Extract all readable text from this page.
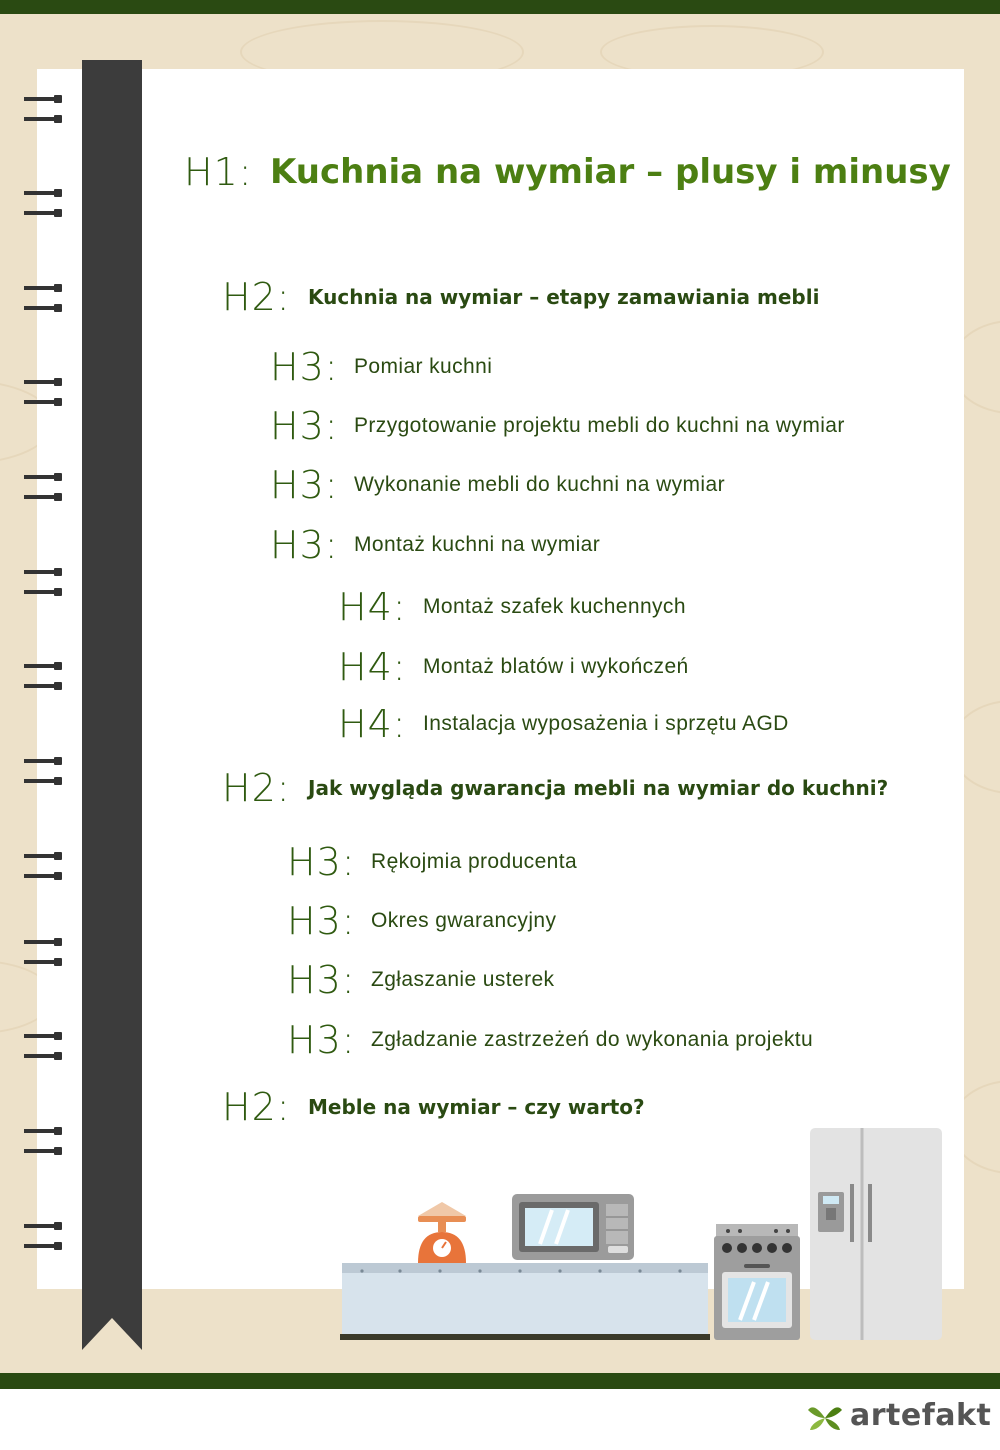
H1: Kuchnia na wymiar – plusy i minusy
H2: Kuchnia na wymiar – etapy zamawiania mebli
H3: Pomiar kuchni
H3: Przygotowanie projektu mebli do kuchni na wymiar
H3: Wykonanie mebli do kuchni na wymiar
H3: Montaż kuchni na wymiar
H4: Montaż szafek kuchennych
H4: Montaż blatów i wykończeń
H4: Instalacja wyposażenia i sprzętu AGD
H2: Jak wygląda gwarancja mebli na wymiar do kuchni?
H3: Rękojmia producenta
H3: Okres gwarancyjny
H3: Zgłaszanie usterek
H3: Zgładzanie zastrzeżeń do wykonania projektu
H2: Meble na wymiar – czy warto?
artefakt
